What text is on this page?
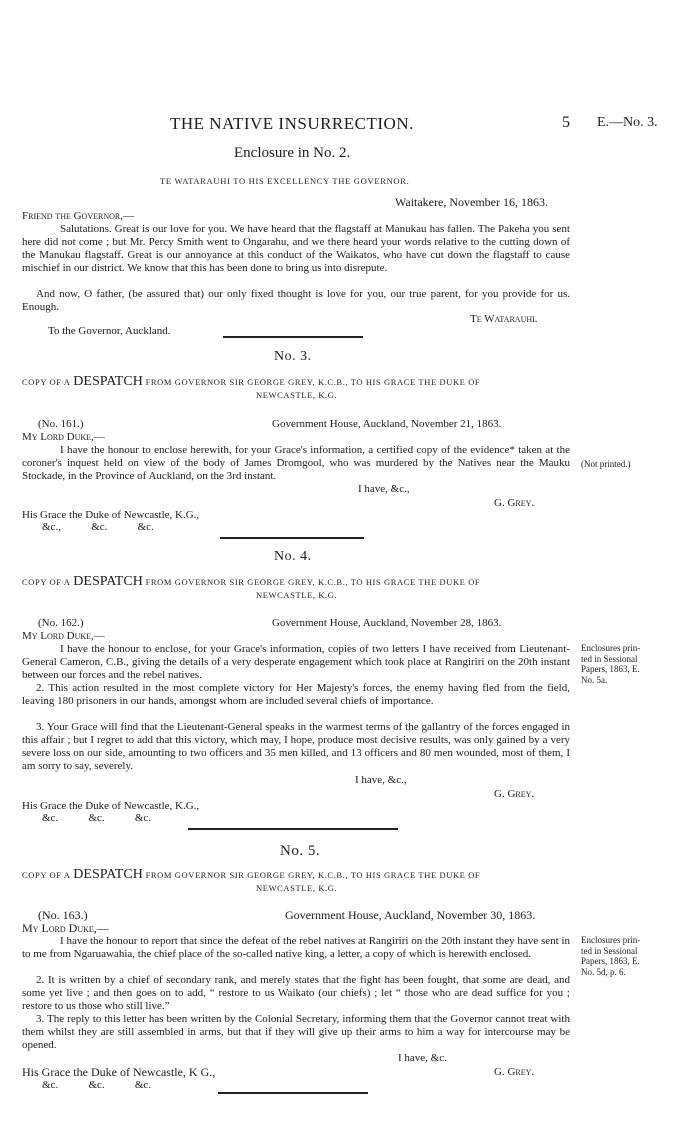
THE NATIVE INSURRECTION.	5 E.—No. 3.
Enclosure in No. 2.
TE WATARAUHI TO HIS EXCELLENCY THE GOVERNOR.
Waitakere, November 16, 1863.
Friend the Governor,—
Salutations. Great is our love for you. We have heard that the flagstaff at Manukau has fallen. The Pakeha you sent here did not come ; but Mr. Percy Smith went to Ongarahu, and we there heard your words relative to the cutting down of the Manukau flagstaff. Great is our annoyance at this conduct of the Waikatos, who have cut down the flagstaff to cause mischief in our district. We know that this has been done to bring us into disrepute.
And now, O father, (be assured that) our only fixed thought is love for you, our true parent, for you provide for us. Enough.
Te Watarauhi.
To the Governor, Auckland.
No. 3.
COPY OF A DESPATCH FROM GOVERNOR SIR GEORGE GREY, K.C.B., TO HIS GRACE THE DUKE OF
NEWCASTLE, K.G.
(No. 161.)	Government House, Auckland, November 21, 1863.
My Lord Duke,—
I have the honour to enclose herewith, for your Grace's information, a certified copy of the evidence* taken at the coroner's inquest held on view of the body of James Dromgool, who was murdered by the Natives near the Mauku Stockade, in the Province of Auckland, on the 3rd instant.
I have, &c.,
G. Grey.
His Grace the Duke of Newcastle, K.G.,
&c.,           &c.           &c.
(Not printed.)
No. 4.
COPY OF A DESPATCH FROM GOVERNOR SIR GEORGE GREY, K.C.B., TO HIS GRACE THE DUKE OF
NEWCASTLE, K.G.
(No. 162.)	Government House, Auckland, November 28, 1863.
My Lord Duke,—
I have the honour to enclose, for your Grace's information, copies of two letters I have received from Lieutenant-General Cameron, C.B., giving the details of a very desperate engagement which took place at Rangiriri on the 20th instant between our forces and the rebel natives.
2. This action resulted in the most complete victory for Her Majesty's forces, the enemy having fled from the field, leaving 180 prisoners in our hands, amongst whom are included several chiefs of importance.
3. Your Grace will find that the Lieutenant-General speaks in the warmest terms of the gallantry of the forces engaged in this affair ; but I regret to add that this victory, which may, I hope, produce most decisive results, was only gained by a very severe loss on our side, amounting to two officers and 35 men killed, and 13 officers and 80 men wounded, most of them, I am sorry to say, severely.
I have, &c.,
G. Grey.
His Grace the Duke of Newcastle, K.G.,
&c.           &c.           &c.
Enclosures prin-
ted in Sessional
Papers, 1863, E.
No. 5a.
No. 5.
COPY OF A DESPATCH FROM GOVERNOR SIR GEORGE GREY, K.C.B., TO HIS GRACE THE DUKE OF
NEWCASTLE, K.G.
(No. 163.)	Government House, Auckland, November 30, 1863.
My Lord Duke,—
I have the honour to report that since the defeat of the rebel natives at Rangiriri on the 20th instant they have sent in to me from Ngaruawahia, the chief place of the so-called native king, a letter, a copy of which is herewith enclosed.
2. It is written by a chief of secondary rank, and merely states that the fight has been fought, that some are dead, and some yet live ; and then goes on to add, “ restore to us Waikato (our chiefs) ; let “ those who are dead suffice for you ; restore to us those who still live.”
3. The reply to this letter has been written by the Colonial Secretary, informing them that the Governor cannot treat with them whilst they are still assembled in arms, but that if they will give up their arms to him a way for intercourse may be opened.
I have, &c.
G. Grey.
His Grace the Duke of Newcastle, K G.,
&c.           &c.           &c.
Enclosures prin-
ted in Sessional
Papers, 1863, E.
No. 5d, p. 6.
